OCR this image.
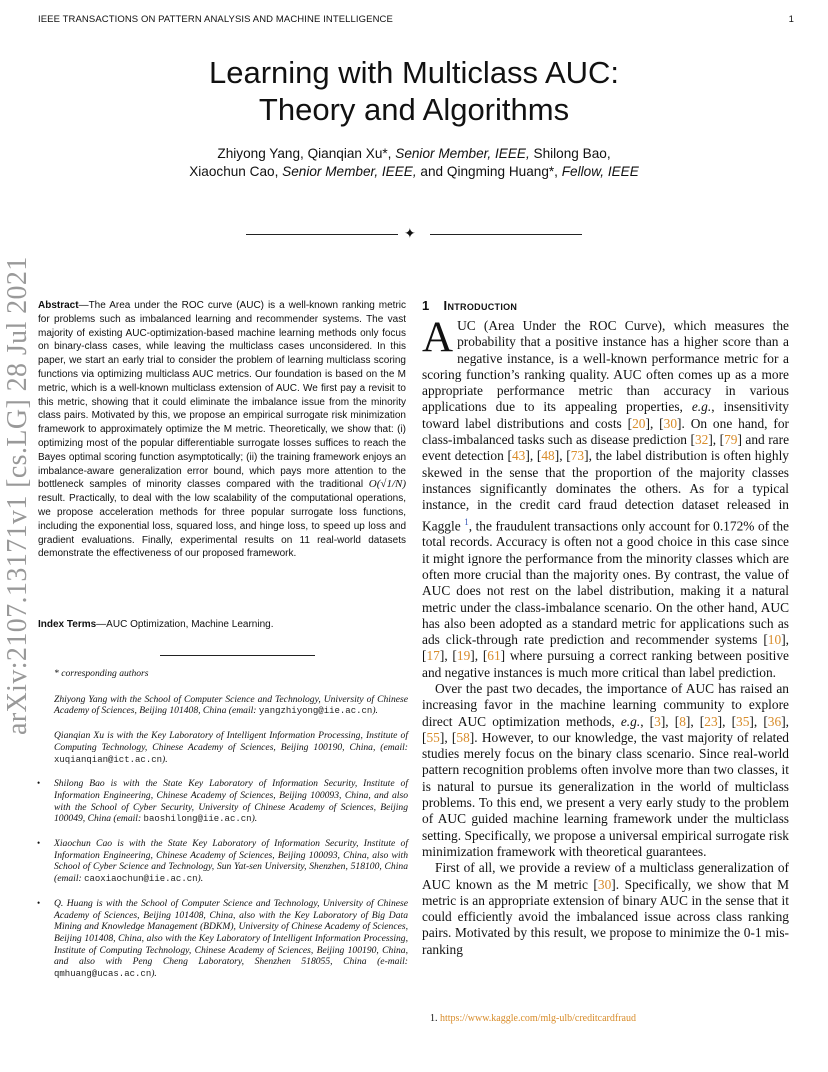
IEEE TRANSACTIONS ON PATTERN ANALYSIS AND MACHINE INTELLIGENCE	1
Learning with Multiclass AUC:
Theory and Algorithms
Zhiyong Yang, Qianqian Xu*, Senior Member, IEEE, Shilong Bao,
Xiaochun Cao, Senior Member, IEEE, and Qingming Huang*, Fellow, IEEE
✦
arXiv:2107.13171v1 [cs.LG] 28 Jul 2021 Abstract—The Area under the ROC curve (AUC) is a well-known ranking metric for problems such as imbalanced learning and recommender systems. The vast majority of existing AUC-optimization-based machine learning methods only focus on binary-class cases, while leaving the multiclass cases unconsidered. In this paper, we start an early trial to consider the problem of learning multiclass scoring functions via optimizing multiclass AUC metrics. Our foundation is based on the M metric, which is a well-known multiclass extension of AUC. We first pay a revisit to this metric, showing that it could eliminate the imbalance issue from the minority class pairs. Motivated by this, we propose an empirical surrogate risk minimization framework to approximately optimize the M metric. Theoretically, we show that: (i) optimizing most of the popular differentiable surrogate losses suffices to reach the Bayes optimal scoring function asymptotically; (ii) the training framework enjoys an imbalance-aware generalization error bound, which pays more attention to the bottleneck samples of minority classes compared with the traditional O(√1/N) result. Practically, to deal with the low scalability of the computational operations, we propose acceleration methods for three popular surrogate loss functions, including the exponential loss, squared loss, and hinge loss, to speed up loss and gradient evaluations. Finally, experimental results on 11 real-world datasets demonstrate the effectiveness of our proposed framework.
Index Terms—AUC Optimization, Machine Learning.
* corresponding authors
Zhiyong Yang with the School of Computer Science and Technology, University of Chinese Academy of Sciences, Beijing 101408, China (email: yangzhiyong@iie.ac.cn).
Qianqian Xu is with the Key Laboratory of Intelligent Information Processing, Institute of Computing Technology, Chinese Academy of Sciences, Beijing 100190, China, (email: xuqianqian@ict.ac.cn).
• Shilong Bao is with the State Key Laboratory of Information Security, Institute of Information Engineering, Chinese Academy of Sciences, Beijing 100093, China, and also with the School of Cyber Security, University of Chinese Academy of Sciences, Beijing 100049, China (email: baoshilong@iie.ac.cn).
• Xiaochun Cao is with the State Key Laboratory of Information Security, Institute of Information Engineering, Chinese Academy of Sciences, Beijing 100093, China, also with School of Cyber Science and Technology, Sun Yat-sen University, Shenzhen, 518100, China (email: caoxiaochun@iie.ac.cn).
• Q. Huang is with the School of Computer Science and Technology, University of Chinese Academy of Sciences, Beijing 101408, China, also with the Key Laboratory of Big Data Mining and Knowledge Management (BDKM), University of Chinese Academy of Sciences, Beijing 101408, China, also with the Key Laboratory of Intelligent Information Processing, Institute of Computing Technology, Chinese Academy of Sciences, Beijing 100190, China, and also with Peng Cheng Laboratory, Shenzhen 518055, China (e-mail: qmhuang@ucas.ac.cn).
1 Introduction

AUC (Area Under the ROC Curve), which measures the probability that a positive instance has a higher score than a negative instance, is a well-known performance metric for a scoring function’s ranking quality. AUC often comes up as a more appropriate performance metric than accuracy in various applications due to its appealing properties, e.g., insensitivity toward label distributions and costs [20], [30]. On one hand, for class-imbalanced tasks such as disease prediction [32], [79] and rare event detection [43], [48], [73], the label distribution is often highly skewed in the sense that the proportion of the majority classes instances significantly dominates the others. As for a typical instance, in the credit card fraud detection dataset released in Kaggle $^1$, the fraudulent transactions only account for 0.172% of the total records. Accuracy is often not a good choice in this case since it might ignore the performance from the minority classes which are often more crucial than the majority ones. By contrast, the value of AUC does not rest on the label distribution, making it a natural metric under the class-imbalance scenario. On the other hand, AUC has also been adopted as a standard metric for applications such as ads click-through rate prediction and recommender systems [10], [17], [19], [61] where pursuing a correct ranking between positive and negative instances is much more critical than label prediction.

Over the past two decades, the importance of AUC has raised an increasing favor in the machine learning community to explore direct AUC optimization methods, e.g., [3], [8], [23], [35], [36], [55], [58]. However, to our knowledge, the vast majority of related studies merely focus on the binary class scenario. Since real-world pattern recognition problems often involve more than two classes, it is natural to pursue its generalization in the world of multiclass problems. To this end, we present a very early study to the problem of AUC guided machine learning framework under the multiclass setting. Specifically, we propose a universal empirical surrogate risk minimization framework with theoretical guarantees.

First of all, we provide a review of a multiclass generalization of AUC known as the M metric [30]. Specifically, we show that M metric is an appropriate extension of binary AUC in the sense that it could efficiently avoid the imbalanced issue across class ranking pairs. Motivated by this result, we propose to minimize the 0-1 mis-ranking

1. https://www.kaggle.com/mlg-ulb/creditcardfraud
